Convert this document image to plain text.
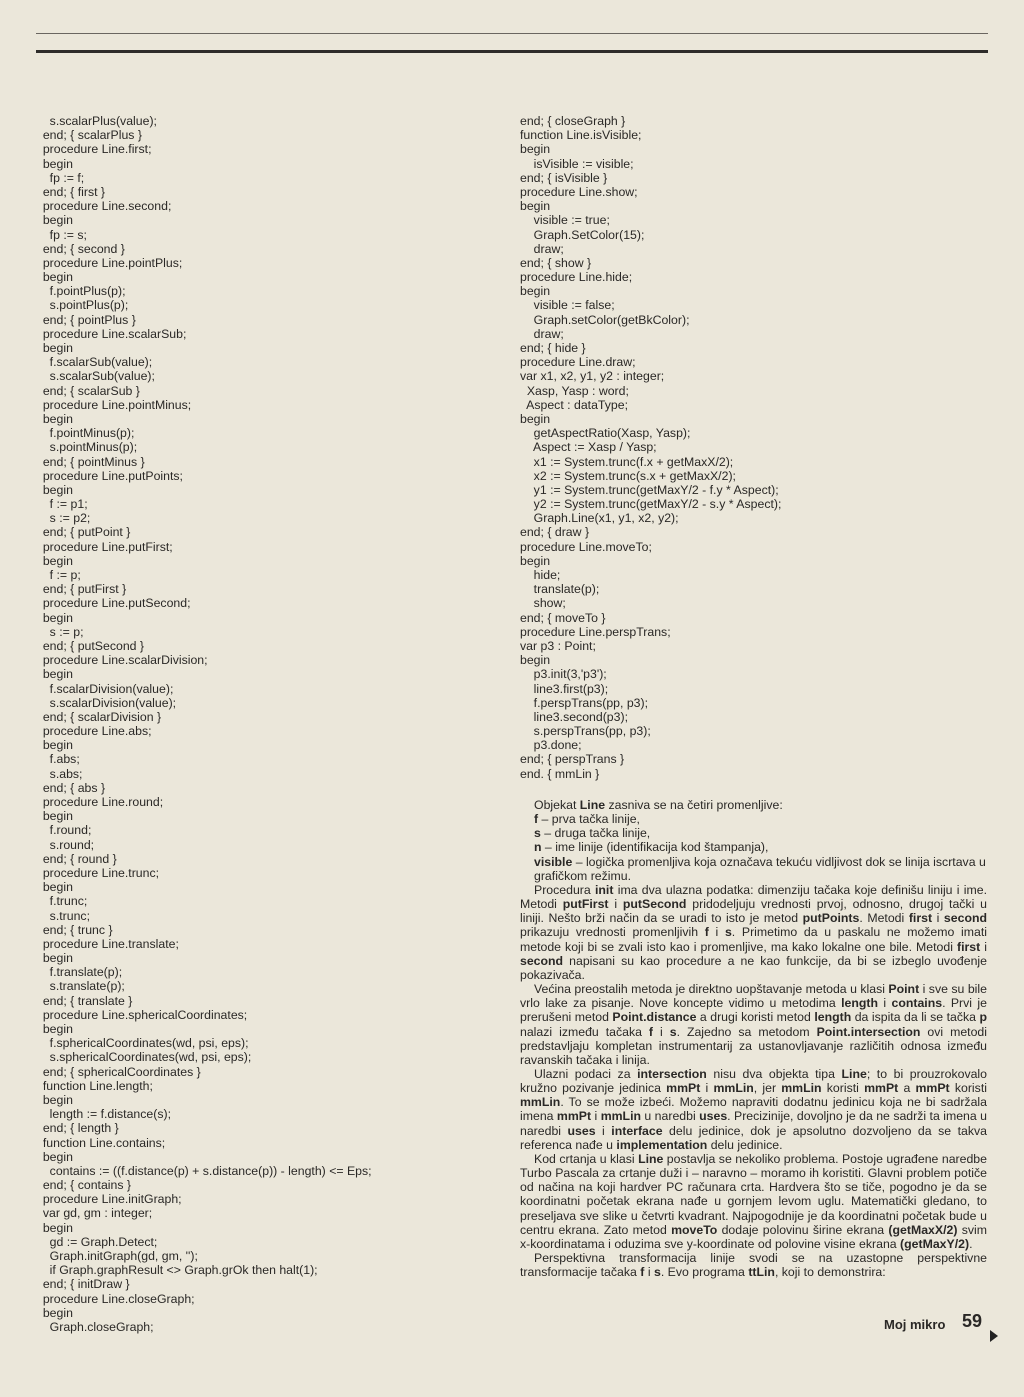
s.scalarPlus(value);
end; { scalarPlus }
procedure Line.first;
begin
fp := f;
end; { first }
procedure Line.second;
begin
fp := s;
end; { second }
procedure Line.pointPlus;
begin
f.pointPlus(p);
s.pointPlus(p);
end; { pointPlus }
procedure Line.scalarSub;
begin
f.scalarSub(value);
s.scalarSub(value);
end; { scalarSub }
procedure Line.pointMinus;
begin
f.pointMinus(p);
s.pointMinus(p);
end; { pointMinus }
procedure Line.putPoints;
begin
f := p1;
s := p2;
end; { putPoint }
procedure Line.putFirst;
begin
f := p;
end; { putFirst }
procedure Line.putSecond;
begin
s := p;
end; { putSecond }
procedure Line.scalarDivision;
begin
f.scalarDivision(value);
s.scalarDivision(value);
end; { scalarDivision }
procedure Line.abs;
begin
f.abs;
s.abs;
end; { abs }
procedure Line.round;
begin
f.round;
s.round;
end; { round }
procedure Line.trunc;
begin
f.trunc;
s.trunc;
end; { trunc }
procedure Line.translate;
begin
f.translate(p);
s.translate(p);
end; { translate }
procedure Line.sphericalCoordinates;
begin
f.sphericalCoordinates(wd, psi, eps);
s.sphericalCoordinates(wd, psi, eps);
end; { sphericalCoordinates }
function Line.length;
begin
length := f.distance(s);
end; { length }
function Line.contains;
begin
contains := ((f.distance(p) + s.distance(p)) - length) <= Eps;
end; { contains }
procedure Line.initGraph;
var gd, gm : integer;
begin
gd := Graph.Detect;
Graph.initGraph(gd, gm, '');
if Graph.graphResult <> Graph.grOk then halt(1);
end; { initDraw }
procedure Line.closeGraph;
begin
Graph.closeGraph;
end; { closeGraph }
function Line.isVisible;
begin
isVisible := visible;
end; { isVisible }
procedure Line.show;
begin
visible := true;
Graph.SetColor(15);
draw;
end; { show }
procedure Line.hide;
begin
visible := false;
Graph.setColor(getBkColor);
draw;
end; { hide }
procedure Line.draw;
var x1, x2, y1, y2 : integer;
Xasp, Yasp : word;
Aspect : dataType;
begin
getAspectRatio(Xasp, Yasp);
Aspect := Xasp / Yasp;
x1 := System.trunc(f.x + getMaxX/2);
x2 := System.trunc(s.x + getMaxX/2);
y1 := System.trunc(getMaxY/2 - f.y * Aspect);
y2 := System.trunc(getMaxY/2 - s.y * Aspect);
Graph.Line(x1, y1, x2, y2);
end; { draw }
procedure Line.moveTo;
begin
hide;
translate(p);
show;
end; { moveTo }
procedure Line.perspTrans;
var p3 : Point;
begin
p3.init(3,'p3');
line3.first(p3);
f.perspTrans(pp, p3);
line3.second(p3);
s.perspTrans(pp, p3);
p3.done;
end; { perspTrans }
end. { mmLin }

Objekat Line zasniva se na četiri promenljive:

f – prva tačka linije,
s – druga tačka linije,
n – ime linije (identifikacija kod štampanja),
visible – logička promenljiva koja označava tekuću vidljivost dok se linija iscrtava u grafičkom režimu.

Procedura init ima dva ulazna podatka: dimenziju tačaka koje definišu liniju i ime. Metodi putFirst i putSecond pridodeljuju vrednosti prvoj, odnosno, drugoj tački u liniji. Nešto brži način da se uradi to isto je metod putPoints. Metodi first i second prikazuju vrednosti promenljivih f i s. Primetimo da u paskalu ne možemo imati metode koji bi se zvali isto kao i promenljive, ma kako lokalne one bile. Metodi first i second napisani su kao procedure a ne kao funkcije, da bi se izbeglo uvođenje pokazivača.

Većina preostalih metoda je direktno uopštavanje metoda u klasi Point i sve su bile vrlo lake za pisanje. Nove koncepte vidimo u metodima length i contains. Prvi je prerušeni metod Point.distance a drugi koristi metod length da ispita da li se tačka p nalazi između tačaka f i s. Zajedno sa metodom Point.intersection ovi metodi predstavljaju kompletan instrumentarij za ustanovljavanje različitih odnosa između ravanskih tačaka i linija.

Ulazni podaci za intersection nisu dva objekta tipa Line; to bi prouzrokovalo kružno pozivanje jedinica mmPt i mmLin, jer mmLin koristi mmPt a mmPt koristi mmLin. To se može izbeći. Možemo napraviti dodatnu jedinicu koja ne bi sadržala imena mmPt i mmLin u naredbi uses. Precizinije, dovoljno je da ne sadrži ta imena u naredbi uses i interface delu jedinice, dok je apsolutno dozvoljeno da se takva referenca nađe u implementation delu jedinice.

Kod crtanja u klasi Line postavlja se nekoliko problema. Postoje ugrađene naredbe Turbo Pascala za crtanje duži i – naravno – moramo ih koristiti. Glavni problem potiče od načina na koji hardver PC računara crta. Hardvera što se tiče, pogodno je da se koordinatni početak ekrana nađe u gornjem levom uglu. Matematički gledano, to preseljava sve slike u četvrti kvadrant. Najpogodnije je da koordinatni početak bude u centru ekrana. Zato metod moveTo dodaje polovinu širine ekrana (getMaxX/2) svim x-koordinatama i oduzima sve y-koordinate od polovine visine ekrana (getMaxY/2).

Perspektivna transformacija linije svodi se na uzastopne perspektivne transformacije tačaka f i s. Evo programa ttLin, koji to demonstrira:

Moj mikro 59
